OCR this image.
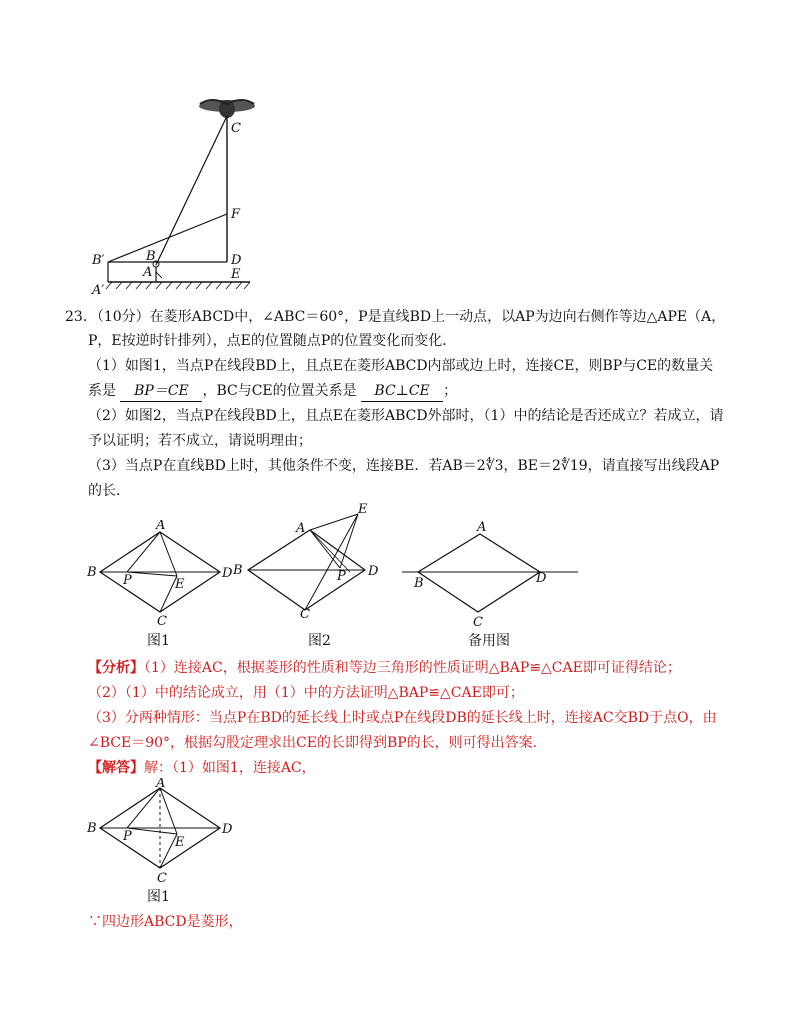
C
F
B′	B	D
A	E
A′
23．（10分）在菱形ABCD中，∠ABC＝60°，P是直线BD上一动点，以AP为边向右侧作等边△APE（A，
P，E按逆时针排列），点E的位置随点P的位置变化而变化．
（1）如图1，当点P在线段BD上，且点E在菱形ABCD内部或边上时，连接CE，则BP与CE的数量关
系是 BP＝CE ，BC与CE的位置关系是 BC⊥CE ；
（2）如图2，当点P在线段BD上，且点E在菱形ABCD外部时，（1）中的结论是否还成立？若成立，请
予以证明；若不成立，请说明理由；
（3）当点P在直线BD上时，其他条件不变，连接BE．若AB＝2∜3，BE＝2∜19，请直接写出线段AP
的长．
A
B	D
C
P	E
A
E
B	D
P
C
A
B	D
C
图1	图2	备用图
【分析】（1）连接AC，根据菱形的性质和等边三角形的性质证明△BAP≌△CAE即可证得结论；
（2）（1）中的结论成立，用（1）中的方法证明△BAP≌△CAE即可；
（3）分两种情形：当点P在BD的延长线上时或点P在线段DB的延长线上时，连接AC交BD于点O，由
∠BCE＝90°，根据勾股定理求出CE的长即得到BP的长，则可得出答案．
【解答】解：（1）如图1，连接AC，
A
B	D
C
P	E
图1
∵四边形ABCD是菱形，
